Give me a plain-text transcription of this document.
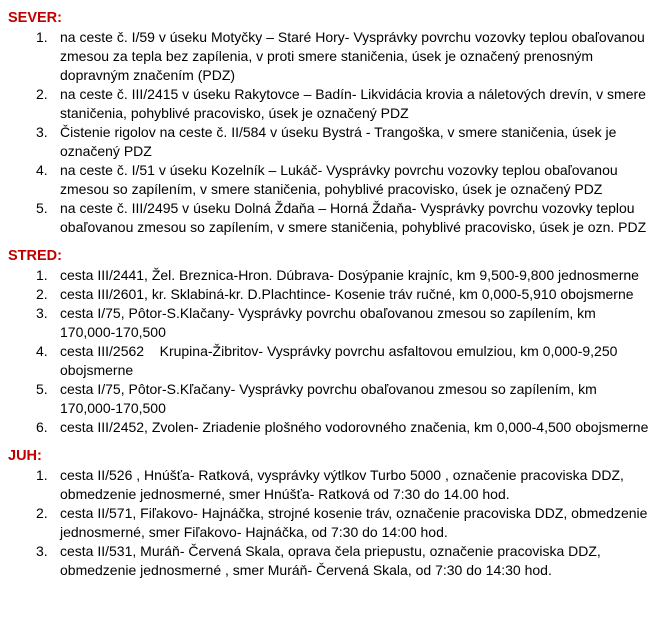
SEVER:
na ceste č. I/59 v úseku Motyčky – Staré Hory- Vysprávky povrchu vozovky teplou obaľovanou zmesou za tepla bez zapílenia, v proti smere staničenia, úsek je označený prenosným dopravným značením (PDZ)
na ceste č. III/2415 v úseku Rakytovce – Badín- Likvidácia krovia a náletových drevín, v smere staničenia, pohyblivé pracovisko, úsek je označený PDZ
Čistenie rigolov na ceste č. II/584 v úseku Bystrá - Trangoška, v smere staničenia, úsek je označený PDZ
na ceste č. I/51 v úseku Kozelník – Lukáč- Vysprávky povrchu vozovky teplou obaľovanou zmesou so zapílením, v smere staničenia, pohyblivé pracovisko, úsek je označený PDZ
na ceste č. III/2495 v úseku Dolná Ždaňa – Horná Ždaňa- Vysprávky povrchu vozovky teplou obaľovanou zmesou so zapílením, v smere staničenia, pohyblivé pracovisko, úsek je ozn. PDZ
STRED:
cesta III/2441, Žel. Breznica-Hron. Dúbrava- Dosýpanie krajníc, km 9,500-9,800 jednosmerne
cesta III/2601, kr. Sklabiná-kr. D.Plachtince- Kosenie tráv ručné, km 0,000-5,910 obojsmerne
cesta I/75, Pôtor-S.Klačany- Vysprávky povrchu obaľovanou zmesou so zapílením, km 170,000-170,500
cesta III/2562    Krupina-Žibritov- Vysprávky povrchu asfaltovou emulziou, km 0,000-9,250 obojsmerne
cesta I/75, Pôtor-S.Kľačany- Vysprávky povrchu obaľovanou zmesou so zapílením, km 170,000-170,500
cesta III/2452, Zvolen- Zriadenie plošného vodorovného značenia, km 0,000-4,500 obojsmerne
JUH:
cesta II/526 , Hnúšťa- Ratková, vysprávky výtlkov Turbo 5000 , označenie pracoviska DDZ, obmedzenie jednosmerné, smer Hnúšťa- Ratková od 7:30 do 14.00 hod.
cesta II/571, Fiľakovo- Hajnáčka, strojné kosenie tráv, označenie pracoviska DDZ, obmedzenie jednosmerné, smer Fiľakovo- Hajnáčka, od 7:30 do 14:00 hod.
cesta II/531, Muráň- Červená Skala, oprava čela priepustu, označenie pracoviska DDZ, obmedzenie jednosmerné , smer Muráň- Červená Skala, od 7:30 do 14:30 hod.
